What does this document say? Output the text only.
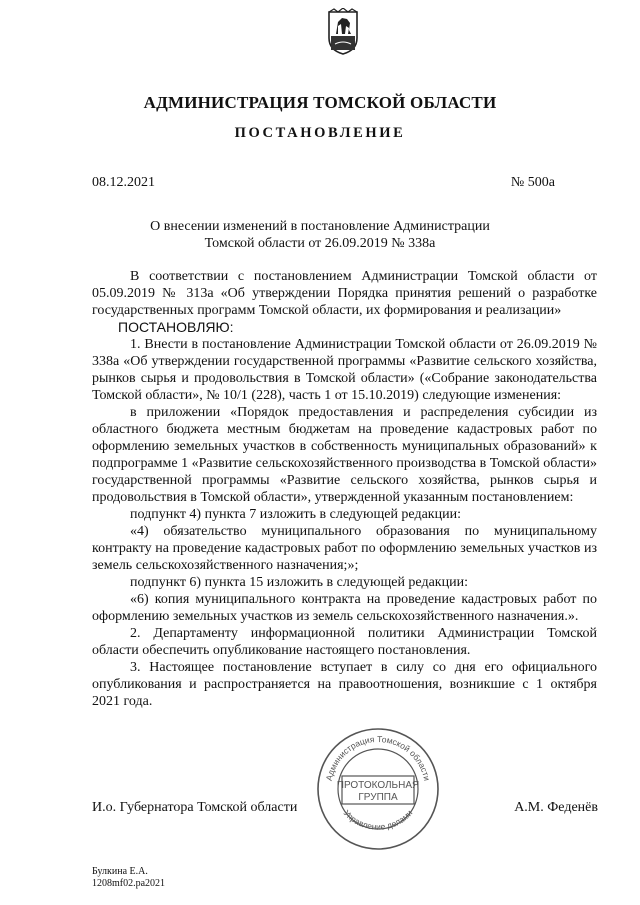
АДМИНИСТРАЦИЯ ТОМСКОЙ ОБЛАСТИ
ПОСТАНОВЛЕНИЕ
08.12.2021	№ 500а
О внесении изменений в постановление Администрации
Томской области от 26.09.2019 № 338а

В соответствии с постановлением Администрации Томской области от 05.09.2019 № 313а «Об утверждении Порядка принятия решений о разработке государственных программ Томской области, их формирования и реализации»

ПОСТАНОВЛЯЮ:

1. Внести в постановление Администрации Томской области от 26.09.2019 № 338а «Об утверждении государственной программы «Развитие сельского хозяйства, рынков сырья и продовольствия в Томской области» («Собрание законодательства Томской области», № 10/1 (228), часть 1 от 15.10.2019) следующие изменения:

в приложении «Порядок предоставления и распределения субсидии из областного бюджета местным бюджетам на проведение кадастровых работ по оформлению земельных участков в собственность муниципальных образований» к подпрограмме 1 «Развитие сельскохозяйственного производства в Томской области» государственной программы «Развитие сельского хозяйства, рынков сырья и продовольствия в Томской области», утвержденной указанным постановлением:

подпункт 4) пункта 7 изложить в следующей редакции:

«4) обязательство муниципального образования по муниципальному контракту на проведение кадастровых работ по оформлению земельных участков из земель сельскохозяйственного назначения;»;

подпункт 6) пункта 15 изложить в следующей редакции:

«6) копия муниципального контракта на проведение кадастровых работ по оформлению земельных участков из земель сельскохозяйственного назначения.».

2. Департаменту информационной политики Администрации Томской области обеспечить опубликование настоящего постановления.

3. Настоящее постановление вступает в силу со дня его официального опубликования и распространяется на правоотношения, возникшие с 1 октября 2021 года.

И.о. Губернатора Томской области	А.М. Феденёв
Администрация Томской области
Управление делами
ПРОТОКОЛЬНАЯ
ГРУППА
Булкина Е.А.
1208mf02.ра2021
